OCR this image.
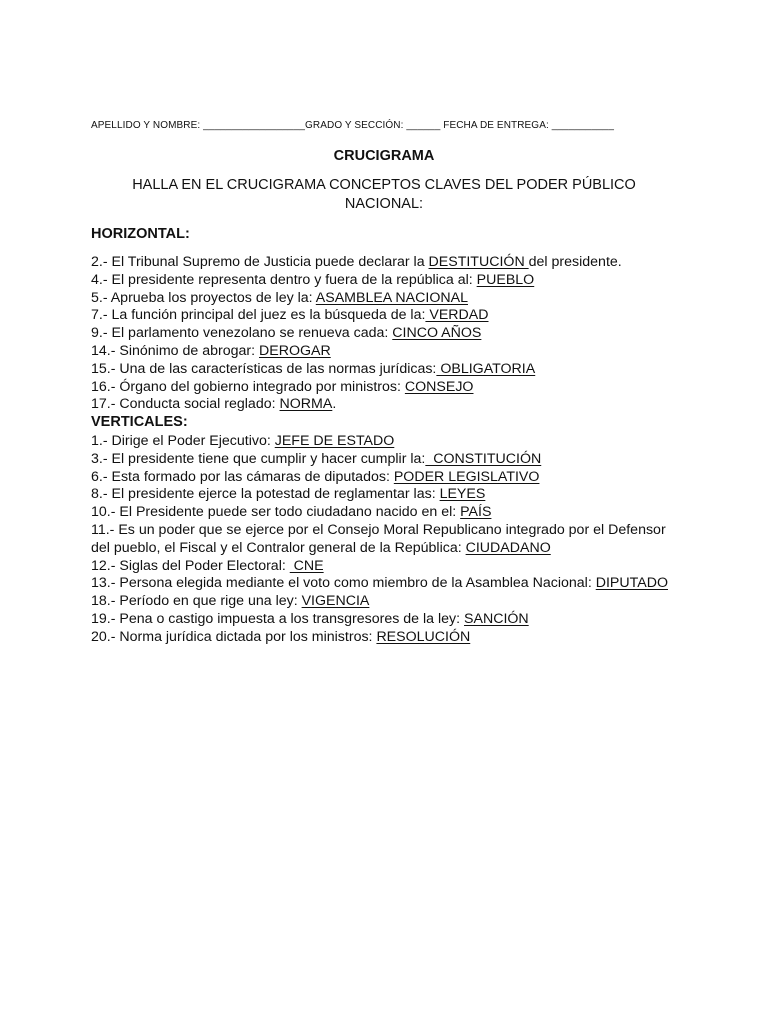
APELLIDO Y NOMBRE: __________________GRADO Y SECCIÓN: ______ FECHA DE ENTREGA: ___________
CRUCIGRAMA
HALLA EN EL CRUCIGRAMA CONCEPTOS CLAVES DEL PODER PÚBLICO NACIONAL:
HORIZONTAL:
2.- El Tribunal Supremo de Justicia puede declarar la DESTITUCIÓN del presidente.
4.- El presidente representa dentro y fuera de la república al: PUEBLO
5.- Aprueba los proyectos de ley la: ASAMBLEA NACIONAL
7.- La función principal del juez es la búsqueda de la: VERDAD
9.- El parlamento venezolano se renueva cada: CINCO AÑOS
14.- Sinónimo de abrogar: DEROGAR
15.- Una de las características de las normas jurídicas: OBLIGATORIA
16.- Órgano del gobierno integrado por ministros: CONSEJO
17.- Conducta social reglado: NORMA.
VERTICALES:
1.- Dirige el Poder Ejecutivo: JEFE DE ESTADO
3.- El presidente tiene que cumplir y hacer cumplir la:  CONSTITUCIÓN
6.- Esta formado por las cámaras de diputados: PODER LEGISLATIVO
8.- El presidente ejerce la potestad de reglamentar las: LEYES
10.- El Presidente puede ser todo ciudadano nacido en el: PAÍS
11.- Es un poder que se ejerce por el Consejo Moral Republicano integrado por el Defensor del pueblo, el Fiscal y el Contralor general de la República: CIUDADANO
12.- Siglas del Poder Electoral:  CNE
13.- Persona elegida mediante el voto como miembro de la Asamblea Nacional: DIPUTADO
18.- Período en que rige una ley: VIGENCIA
19.- Pena o castigo impuesta a los transgresores de la ley: SANCIÓN
20.- Norma jurídica dictada por los ministros: RESOLUCIÓN
